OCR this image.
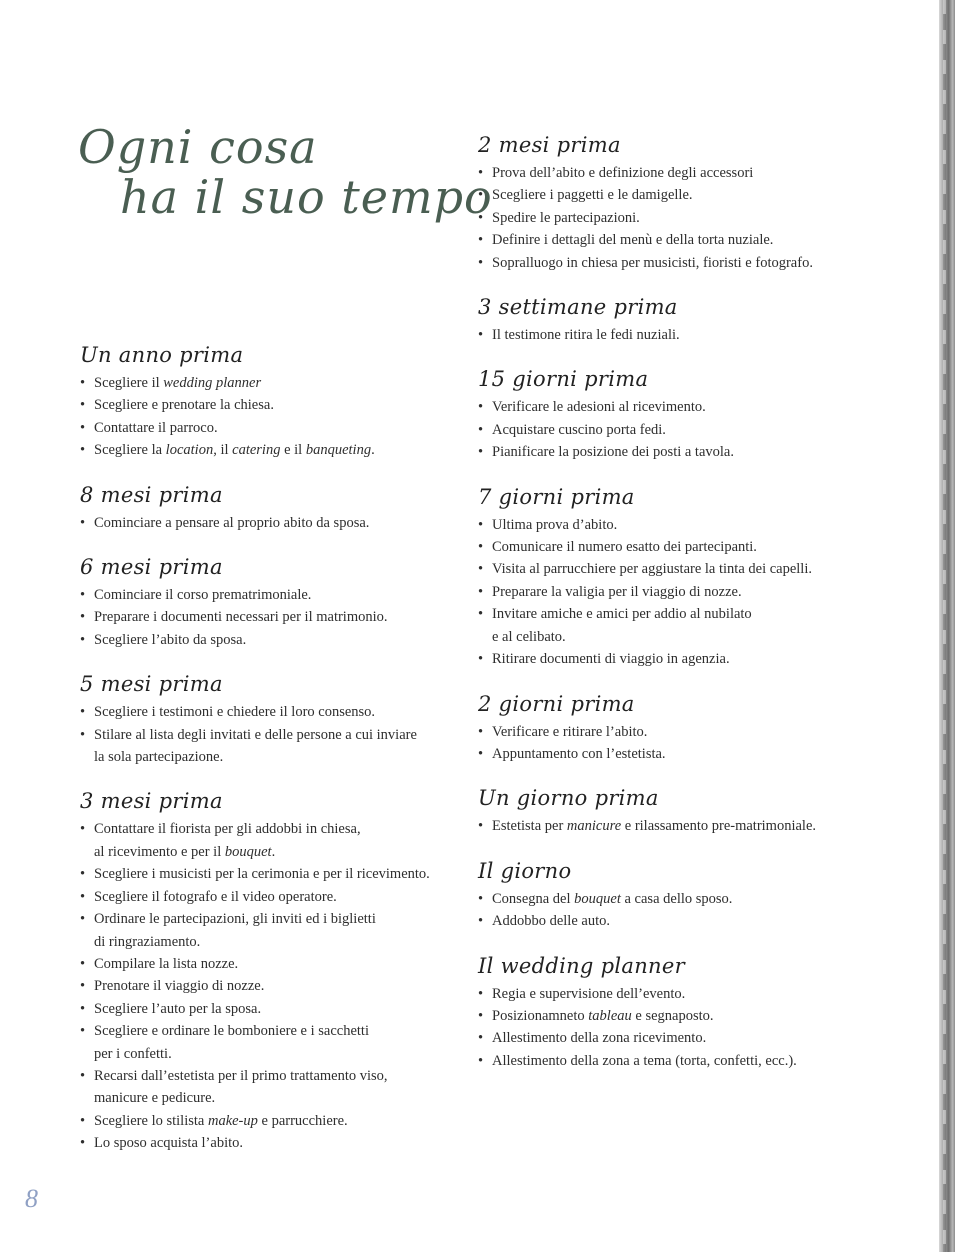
Ogni cosa
ha il suo tempo
Un anno prima
• Scegliere il wedding planner
• Scegliere e prenotare la chiesa.
• Contattare il parroco.
• Scegliere la location, il catering e il banqueting.
8 mesi prima
• Cominciare a pensare al proprio abito da sposa.
6 mesi prima
• Cominciare il corso prematrimoniale.
• Preparare i documenti necessari per il matrimonio.
• Scegliere l’abito da sposa.
5 mesi prima
• Scegliere i testimoni e chiedere il loro consenso.
• Stilare al lista degli invitati e delle persone a cui inviare
la sola partecipazione.
3 mesi prima
• Contattare il fiorista per gli addobbi in chiesa,
al ricevimento e per il bouquet.
• Scegliere i musicisti per la cerimonia e per il ricevimento.
• Scegliere il fotografo e il video operatore.
• Ordinare le partecipazioni, gli inviti ed i biglietti
di ringraziamento.
• Compilare la lista nozze.
• Prenotare il viaggio di nozze.
• Scegliere l’auto per la sposa.
• Scegliere e ordinare le bomboniere e i sacchetti
per i confetti.
• Recarsi dall’estetista per il primo trattamento viso,
manicure e pedicure.
• Scegliere lo stilista make-up e parrucchiere.
• Lo sposo acquista l’abito.
2 mesi prima
• Prova dell’abito e definizione degli accessori
• Scegliere i paggetti e le damigelle.
• Spedire le partecipazioni.
• Definire i dettagli del menù e della torta nuziale.
• Sopralluogo in chiesa per musicisti, fioristi e fotografo.
3 settimane prima
• Il testimone ritira le fedi nuziali.
15 giorni prima
• Verificare le adesioni al ricevimento.
• Acquistare cuscino porta fedi.
• Pianificare la posizione dei posti a tavola.
7 giorni prima
• Ultima prova d’abito.
• Comunicare il numero esatto dei partecipanti.
• Visita al parrucchiere per aggiustare la tinta dei capelli.
• Preparare la valigia per il viaggio di nozze.
• Invitare amiche e amici per addio al nubilato
e al celibato.
• Ritirare documenti di viaggio in agenzia.
2 giorni prima
• Verificare e ritirare l’abito.
• Appuntamento con l’estetista.
Un giorno prima
• Estetista per manicure e rilassamento pre-matrimoniale.
Il giorno
• Consegna del bouquet a casa dello sposo.
• Addobbo delle auto.
Il wedding planner
• Regia e supervisione dell’evento.
• Posizionamneto tableau e segnaposto.
• Allestimento della zona ricevimento.
• Allestimento della zona a tema (torta, confetti, ecc.).
8
